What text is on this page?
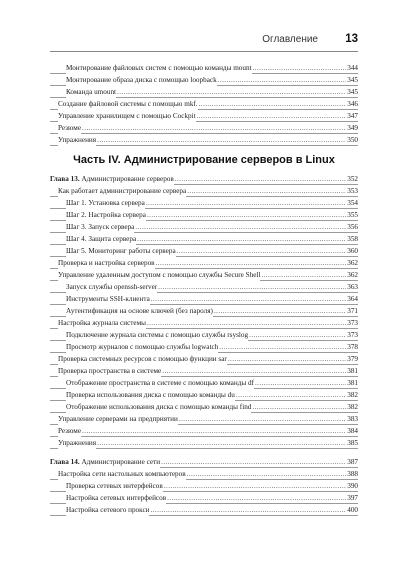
Оглавление 13
Монтирование файловых систем с помощью команды mount .....	344
Монтирование образа диска с помощью loopback .....	345
Команда umount .....	345
Создание файловой системы с помощью mkf. .....	346
Управление хранилищем с помощью Cockpit .....	347
Резюме .....	349
Упражнения .....	350
Часть IV. Администрирование серверов в Linux
Глава 13. Администрирование серверов .....	352
Как работает администрирование сервера .....	353
Шаг 1. Установка сервера .....	354
Шаг 2. Настройка сервера .....	355
Шаг 3. Запуск сервера .....	356
Шаг 4. Защита сервера .....	358
Шаг 5. Мониторинг работы сервера .....	360
Проверка и настройка серверов .....	362
Управление удаленным доступом с помощью службы Secure Shell .....	362
Запуск службы openssh-server .....	363
Инструменты SSH-клиента .....	364
Аутентификация на основе ключей (без пароля) .....	371
Настройка журнала системы .....	373
Подключение журнала системы с помощью службы rsyslog .....	373
Просмотр журналов с помощью службы logwatch .....	378
Проверка системных ресурсов с помощью функции sar .....	379
Проверка пространства в системе .....	381
Отображение пространства в системе с помощью команды df .....	381
Проверка использования диска с помощью команды du .....	382
Отображение использования диска с помощью команды find .....	382
Управление серверами на предприятии .....	383
Резюме .....	384
Упражнения .....	385
Глава 14. Администрирование сети .....	387
Настройка сети настольных компьютеров .....	388
Проверка сетевых интерфейсов .....	390
Настройка сетевых интерфейсов .....	397
Настройка сетевого прокси .....	400
